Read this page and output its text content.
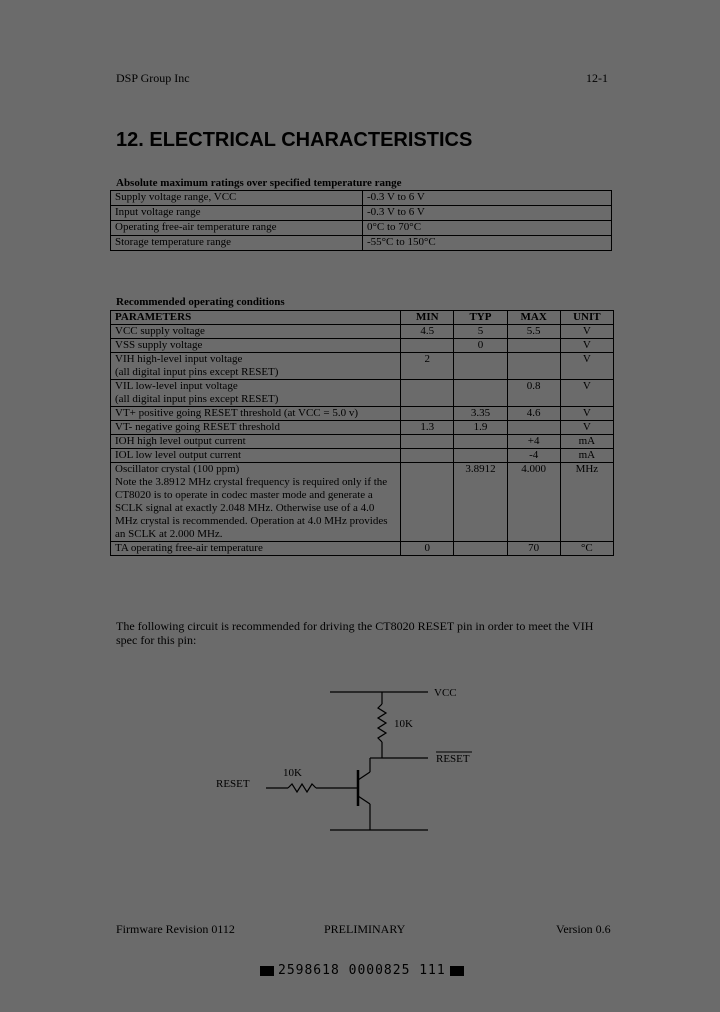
DSP Group Inc	12-1
12. ELECTRICAL CHARACTERISTICS
Absolute maximum ratings over specified temperature range
Supply voltage range, VCC	-0.3 V to 6 V
Input voltage range	-0.3 V to 6 V
Operating free-air temperature range	0°C to 70°C
Storage temperature range	-55°C to 150°C
Recommended operating conditions
PARAMETERS	MIN	TYP	MAX	UNIT

VCC supply voltage	4.5	5	5.5	V

VSS supply voltage		0		V

VIH high-level input voltage
(all digital input pins except RESET)	2			V

VIL low-level input voltage
(all digital input pins except RESET)			0.8	V

VT+ positive going RESET threshold (at VCC = 5.0 v)		3.35	4.6	V

VT- negative going RESET threshold	1.3	1.9		V

IOH high level output current			+4	mA

IOL low level output current			-4	mA

Oscillator crystal (100 ppm)
Note the 3.8912 MHz crystal frequency is required only if the CT8020 is to operate in codec master mode and generate a SCLK signal at exactly 2.048 MHz. Otherwise use of a 4.0 MHz crystal is recommended. Operation at 4.0 MHz provides an SCLK at 2.000 MHz.		3.8912	4.000	MHz

TA operating free-air temperature	0		70	°C
The following circuit is recommended for driving the CT8020 RESET pin in order to meet the VIH spec for this pin:
VCC
10K
RESET
10K
RESET
Firmware Revision 0112	PRELIMINARY	Version 0.6
2598618 0000825 111
